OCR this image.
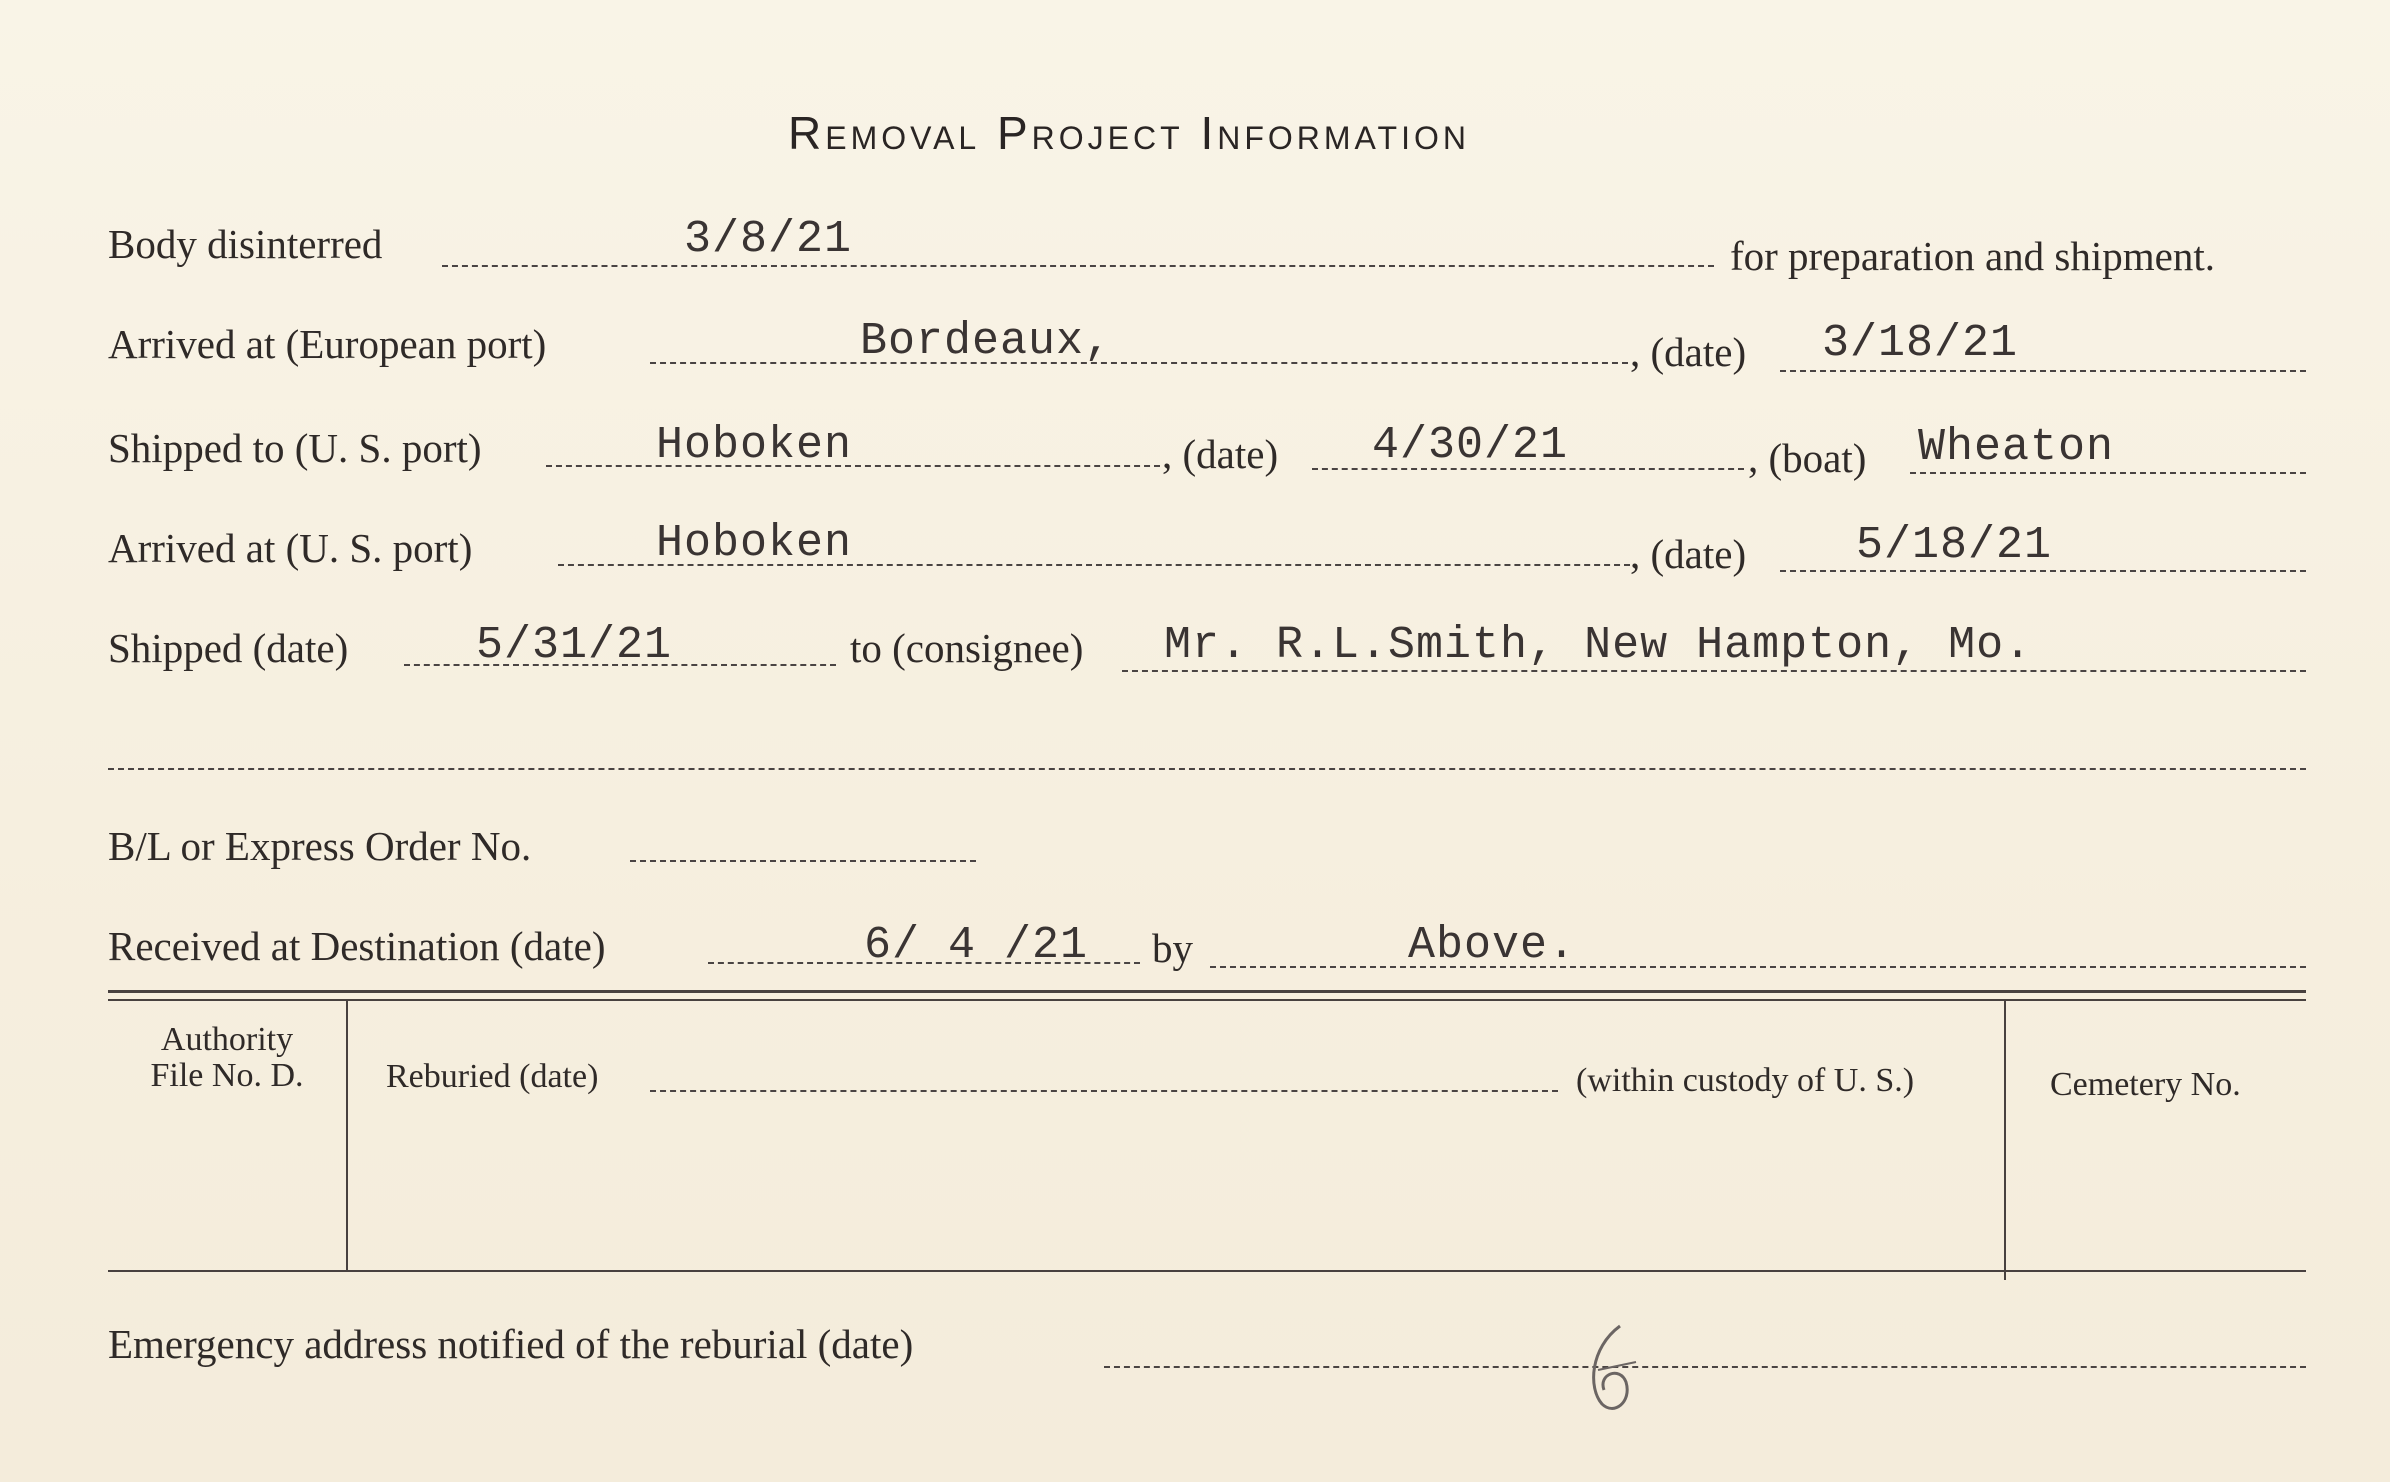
Removal Project Information
Body disinterred	3/8/21	for preparation and shipment.
Arrived at (European port)	Bordeaux,	, (date) 3/18/21
Shipped to (U. S. port)	Hoboken	, (date) 4/30/21	, (boat) Wheaton
Arrived at (U. S. port)	Hoboken	, (date) 5/18/21
Shipped (date)	5/31/21	to (consignee) Mr. R.L.Smith, New Hampton, Mo.
B/L or Express Order No.
Received at Destination (date)	6/ 4 /21 by	Above.
Authority
File No. D.	Reburied (date)	(within custody of U. S.)	Cemetery No.
Emergency address notified of the reburial (date)
